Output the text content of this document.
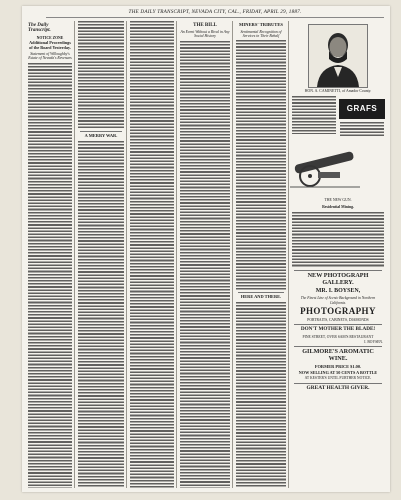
THE DAILY TRANSCRIPT, NEVADA CITY, CAL., FRIDAY, APRIL 29, 1887.
The Daily Transcript.
NOTICE ZONE
Additional Proceedings of the Board Yesterday.
Statement of Willoughby's Estate of Nevada's Revenues
A MERRY WAR.
THE BILL
An Event Without a Rival in Any Social History
MINERS' TRIBUTES
Sentimental Recognition of Services in Their Behalf
HERE AND THERE.
HON. A. CAMINETTI, of Amador County.
GRAFS
THE NEW GUN.
Residential Mining.
NEW PHOTOGRAPH GALLERY.
MR. I. BOYSEN,
The Finest Line of Scenic Background in Northern California.
PHOTOGRAPHY
PORTRAITS, CABINETS, DIAMONDS
DON'T MOTHER THE BLADE!
PINE STREET, OVER SAM'S RESTAURANT
I. BOYSEN.
GILMORE'S AROMATIC WINE.
FORMER PRICE $1.00.
NOW SELLING AT 50 CENTS A BOTTLE
AT KESTER'S UNTIL FURTHER NOTICE.
GREAT HEALTH GIVER.
